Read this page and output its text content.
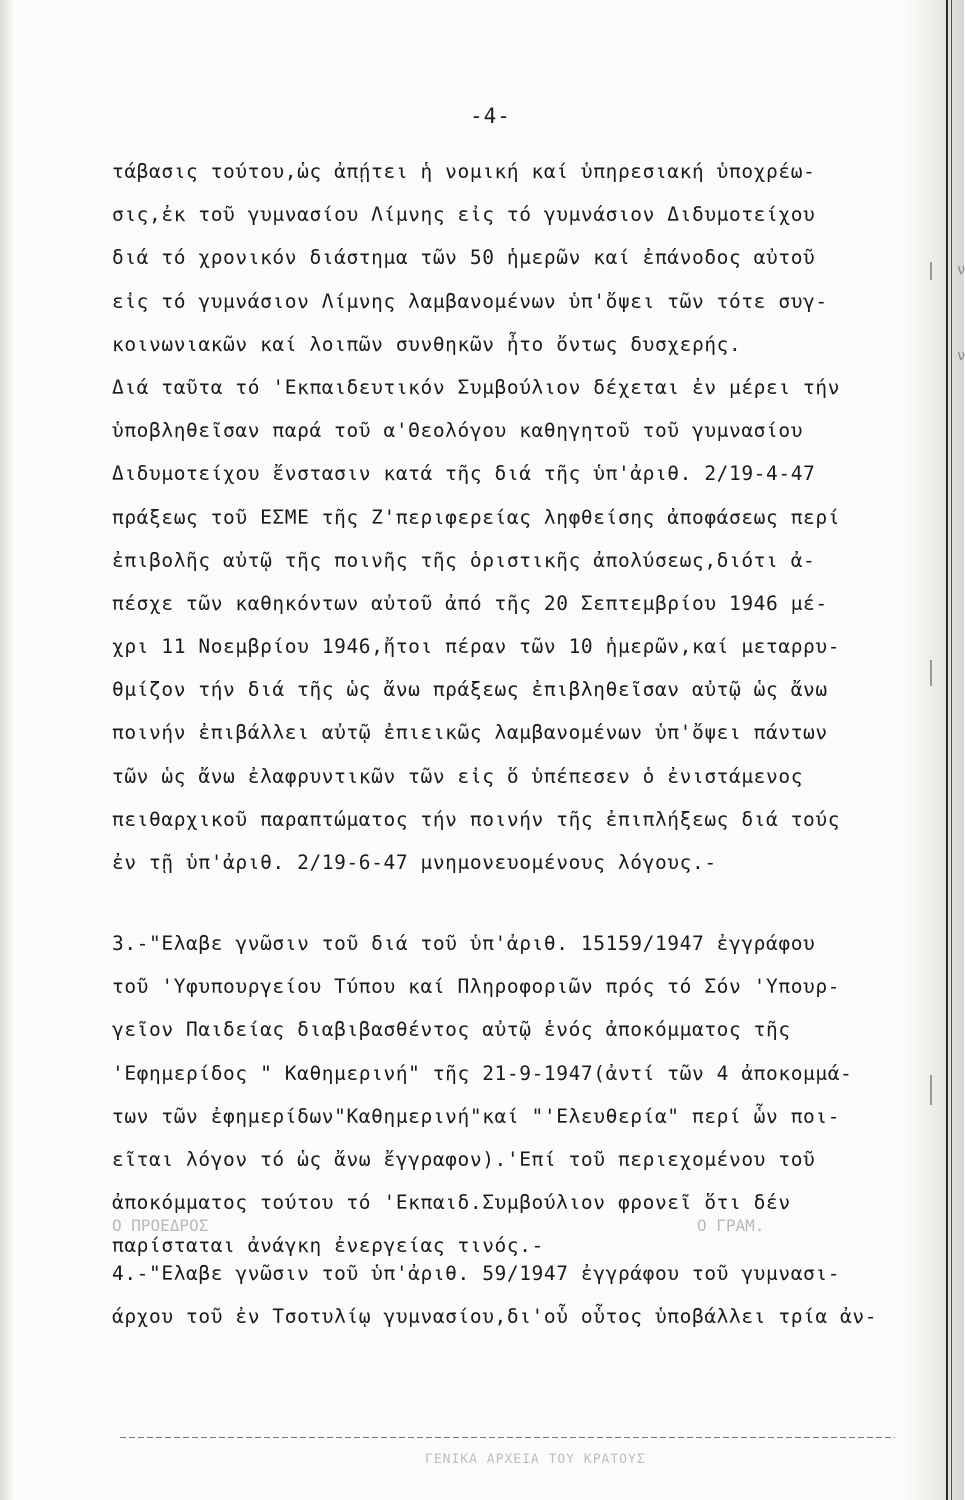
-4-
τάβασις τούτου,ὡς ἀπῄτει ἡ νομική καί ὑπηρεσιακή ὑποχρέω-
σις,ἐκ τοῦ γυμνασίου Λίμνης εἰς τό γυμνάσιον Διδυμοτείχου
διά τό χρονικόν διάστημα τῶν 50 ἡμερῶν καί ἐπάνοδος αὐτοῦ
εἰς τό γυμνάσιον Λίμνης λαμβανομένων ὑπ'ὄψει τῶν τότε συγ-
κοινωνιακῶν καί λοιπῶν συνθηκῶν ἦτο ὄντως δυσχερής.
Διά ταῦτα τό 'Εκπαιδευτικόν Συμβούλιον δέχεται ἐν μέρει τήν
ὑποβληθεῖσαν παρά τοῦ α'Θεολόγου καθηγητοῦ τοῦ γυμνασίου
Διδυμοτείχου ἔνστασιν κατά τῆς διά τῆς ὑπ'ἀριθ. 2/19-4-47
πράξεως τοῦ ΕΣΜΕ τῆς Ζ'περιφερείας ληφθείσης ἀποφάσεως περί
ἐπιβολῆς αὐτῷ τῆς ποινῆς τῆς ὁριστικῆς ἀπολύσεως,διότι ἀ-
πέσχε τῶν καθηκόντων αὐτοῦ ἀπό τῆς 20 Σεπτεμβρίου 1946 μέ-
χρι 11 Νοεμβρίου 1946,ἤτοι πέραν τῶν 10 ἡμερῶν,καί μεταρρυ-
θμίζον τήν διά τῆς ὡς ἄνω πράξεως ἐπιβληθεῖσαν αὐτῷ ὡς ἄνω
ποινήν ἐπιβάλλει αὐτῷ ἐπιεικῶς λαμβανομένων ὑπ'ὄψει πάντων
τῶν ὡς ἄνω ἐλαφρυντικῶν τῶν εἰς ὅ ὑπέπεσεν ὁ ἐνιστάμενος
πειθαρχικοῦ παραπτώματος τήν ποινήν τῆς ἐπιπλήξεως διά τούς
ἐν τῇ ὑπ'ἀριθ. 2/19-6-47 μνημονευομένους λόγους.-
3.-"Ελαβε γνῶσιν τοῦ διά τοῦ ὑπ'ἀριθ. 15159/1947 ἐγγράφου
τοῦ 'Υφυπουργείου Τύπου καί Πληροφοριῶν πρός τό Σόν 'Υπουρ-
γεῖον Παιδείας διαβιβασθέντος αὐτῷ ἑνός ἀποκόμματος τῆς
'Εφημερίδος " Καθημερινή" τῆς 21-9-1947(ἀντί τῶν 4 ἀποκομμά-
των τῶν ἐφημερίδων"Καθημερινή"καί "'Ελευθερία" περί ὧν ποι-
εῖται λόγον τό ὡς ἄνω ἔγγραφον).'Επί τοῦ περιεχομένου τοῦ
ἀποκόμματος τούτου τό 'Εκπαιδ.Συμβούλιον φρονεῖ ὅτι δέν
παρίσταται ἀνάγκη ἐνεργείας τινός.-
Ο ΠΡΟΕΔΡΟΣ	Ο ΓΡΑΜ.
4.-"Ελαβε γνῶσιν τοῦ ὑπ'ἀριθ. 59/1947 ἐγγράφου τοῦ γυμνασι-
άρχου τοῦ ἐν Τσοτυλίῳ γυμνασίου,δι'οὗ οὗτος ὑποβάλλει τρία ἀν-
ν
ν
ΓΕΝΙΚΑ ΑΡΧΕΙΑ ΤΟΥ ΚΡΑΤΟΥΣ
